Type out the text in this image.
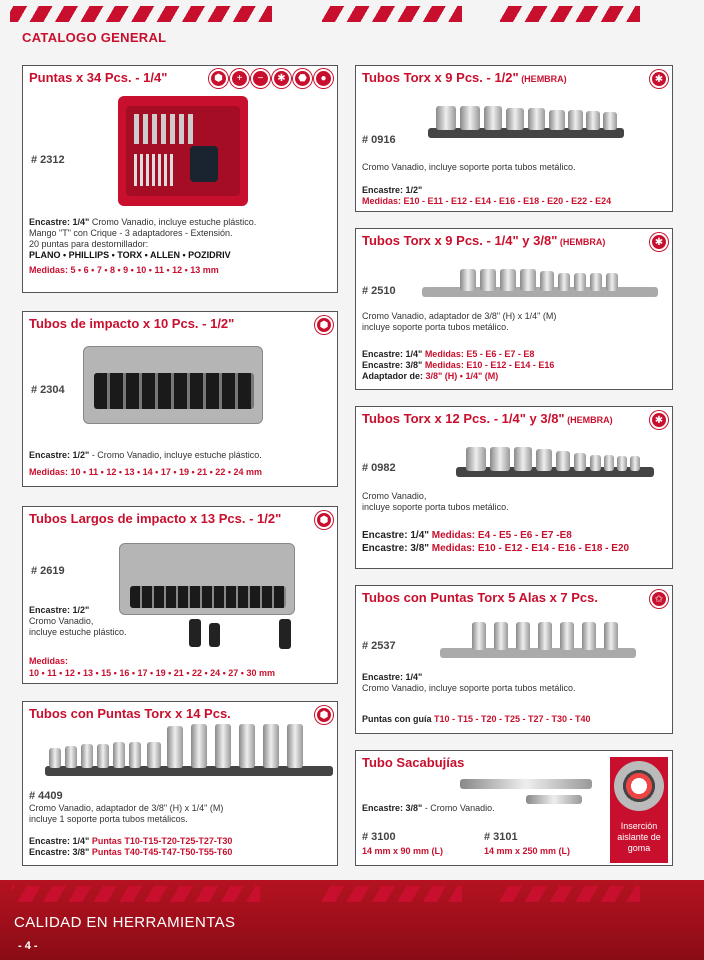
CATALOGO GENERAL
Puntas x 34 Pcs. - 1/4"	⬢	+	−	✱	⬣	●
# 2312
Encastre: 1/4" Cromo Vanadio, incluye estuche plástico.
Mango "T" con Crique - 3 adaptadores - Extensión.
20 puntas para destornillador:
PLANO • PHILLIPS • TORX • ALLEN • POZIDRIV
Medidas: 5 • 6 • 7 • 8 • 9 • 10 • 11 • 12 • 13 mm
Tubos de impacto x 10 Pcs. - 1/2"	⬢
# 2304
Encastre: 1/2" - Cromo Vanadio, incluye estuche plástico.
Medidas: 10 • 11 • 12 • 13 • 14 • 17 • 19 • 21 • 22 • 24 mm
Tubos Largos de impacto x 13 Pcs. - 1/2"	⬢
# 2619
Encastre: 1/2"
Cromo Vanadio,
incluye estuche plástico.
Medidas:
10 • 11 • 12 • 13 • 15 • 16 • 17 • 19 • 21 • 22 • 24 • 27 • 30 mm
Tubos con Puntas Torx x 14 Pcs.	⬢
# 4409
Cromo Vanadio, adaptador de 3/8" (H) x 1/4" (M)
incluye 1 soporte porta tubos metálicos.
Encastre: 1/4" Puntas T10-T15-T20-T25-T27-T30
Encastre: 3/8" Puntas T40-T45-T47-T50-T55-T60
Tubos Torx x 9 Pcs. - 1/2" (HEMBRA)	✱
# 0916
Cromo Vanadio, incluye soporte porta tubos metálico.
Encastre: 1/2"
Medidas: E10 - E11 - E12 - E14 - E16 - E18 - E20 - E22 - E24
Tubos Torx x 9 Pcs. - 1/4" y 3/8" (HEMBRA)	✱
# 2510
Cromo Vanadio, adaptador de 3/8" (H) x 1/4" (M)
incluye soporte porta tubos metálico.
Encastre: 1/4" Medidas: E5 - E6 - E7 - E8
Encastre: 3/8" Medidas: E10 - E12 - E14 - E16
Adaptador de: 3/8" (H) • 1/4" (M)
Tubos Torx x 12 Pcs. - 1/4" y 3/8" (HEMBRA)	✱
# 0982
Cromo Vanadio,
incluye soporte porta tubos metálico.
Encastre: 1/4" Medidas: E4 - E5 - E6 - E7 -E8
Encastre: 3/8" Medidas: E10 - E12 - E14 - E16 - E18 - E20
Tubos con Puntas Torx 5 Alas x 7 Pcs.	✩
# 2537
Encastre: 1/4"
Cromo Vanadio, incluye soporte porta tubos metálico.
Puntas con guía T10 - T15 - T20 - T25 - T27 - T30 - T40
Tubo Sacabujías
Encastre: 3/8" - Cromo Vanadio.
# 3100
14 mm x 90 mm (L)
# 3101
14 mm x 250 mm (L)
Inserción aislante de goma
CALIDAD EN HERRAMIENTAS
- 4 -
